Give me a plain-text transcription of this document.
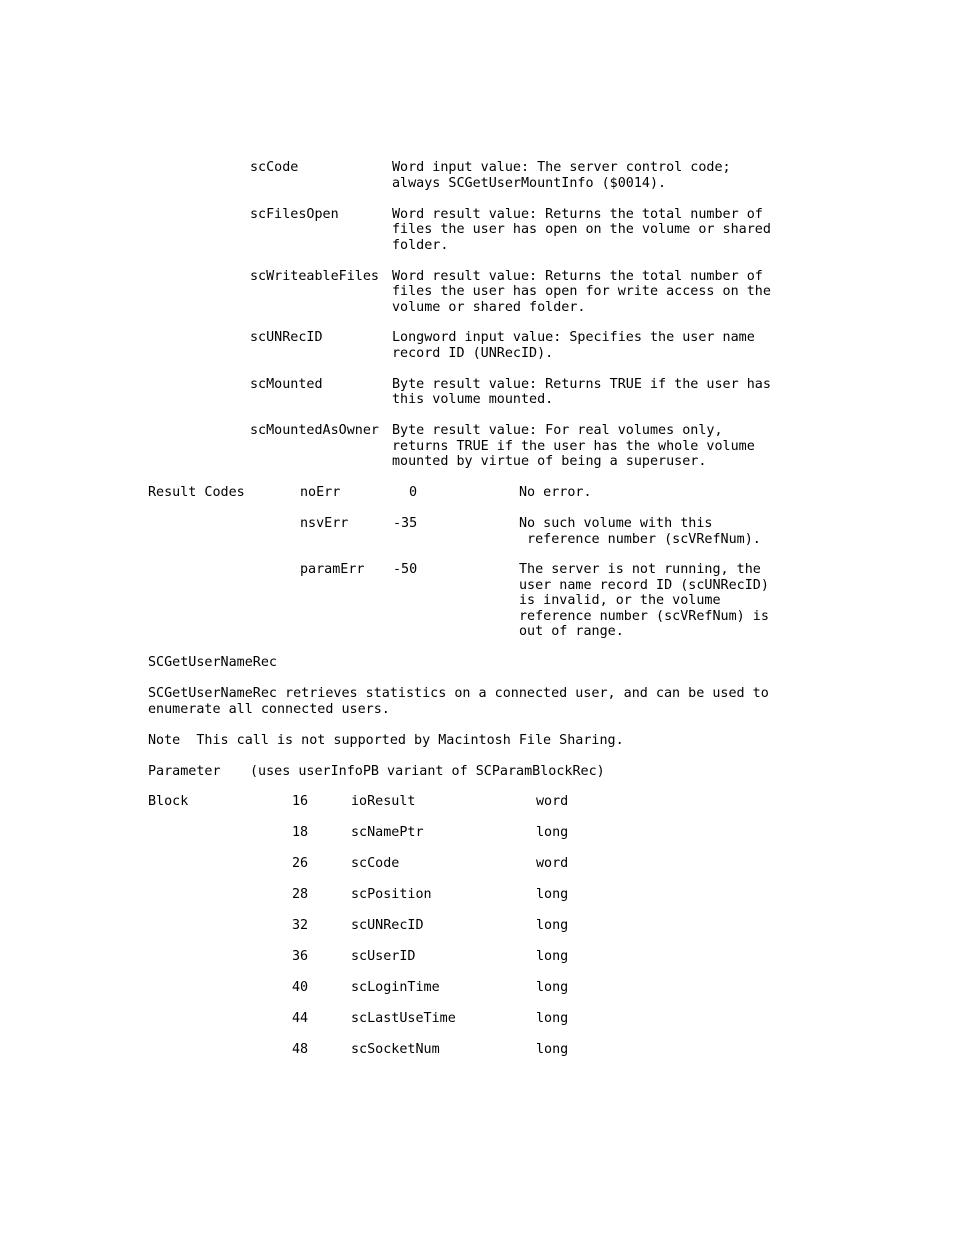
scCode	Word input value: The server control code;
always SCGetUserMountInfo ($0014).
scFilesOpen	Word result value: Returns the total number of
files the user has open on the volume or shared
folder.
scWriteableFiles Word result value: Returns the total number of
files the user has open for write access on the
volume or shared folder.
scUNRecID	Longword input value: Specifies the user name
record ID (UNRecID).
scMounted	Byte result value: Returns TRUE if the user has
this volume mounted.
scMountedAsOwner Byte result value: For real volumes only,
returns TRUE if the user has the whole volume
mounted by virtue of being a superuser.
Result Codes	noErr	0	No error.
nsvErr	-35	No such volume with this
reference number (scVRefNum).
paramErr -50	The server is not running, the
user name record ID (scUNRecID)
is invalid, or the volume
reference number (scVRefNum) is
out of range.
SCGetUserNameRec
SCGetUserNameRec retrieves statistics on a connected user, and can be used to
enumerate all connected users.
Note  This call is not supported by Macintosh File Sharing.
Parameter (uses userInfoPB variant of SCParamBlockRec)
Block	16	ioResult	word
18	scNamePtr	long
26	scCode	word
28	scPosition	long
32	scUNRecID	long
36	scUserID	long
40	scLoginTime	long
44	scLastUseTime	long
48	scSocketNum	long
